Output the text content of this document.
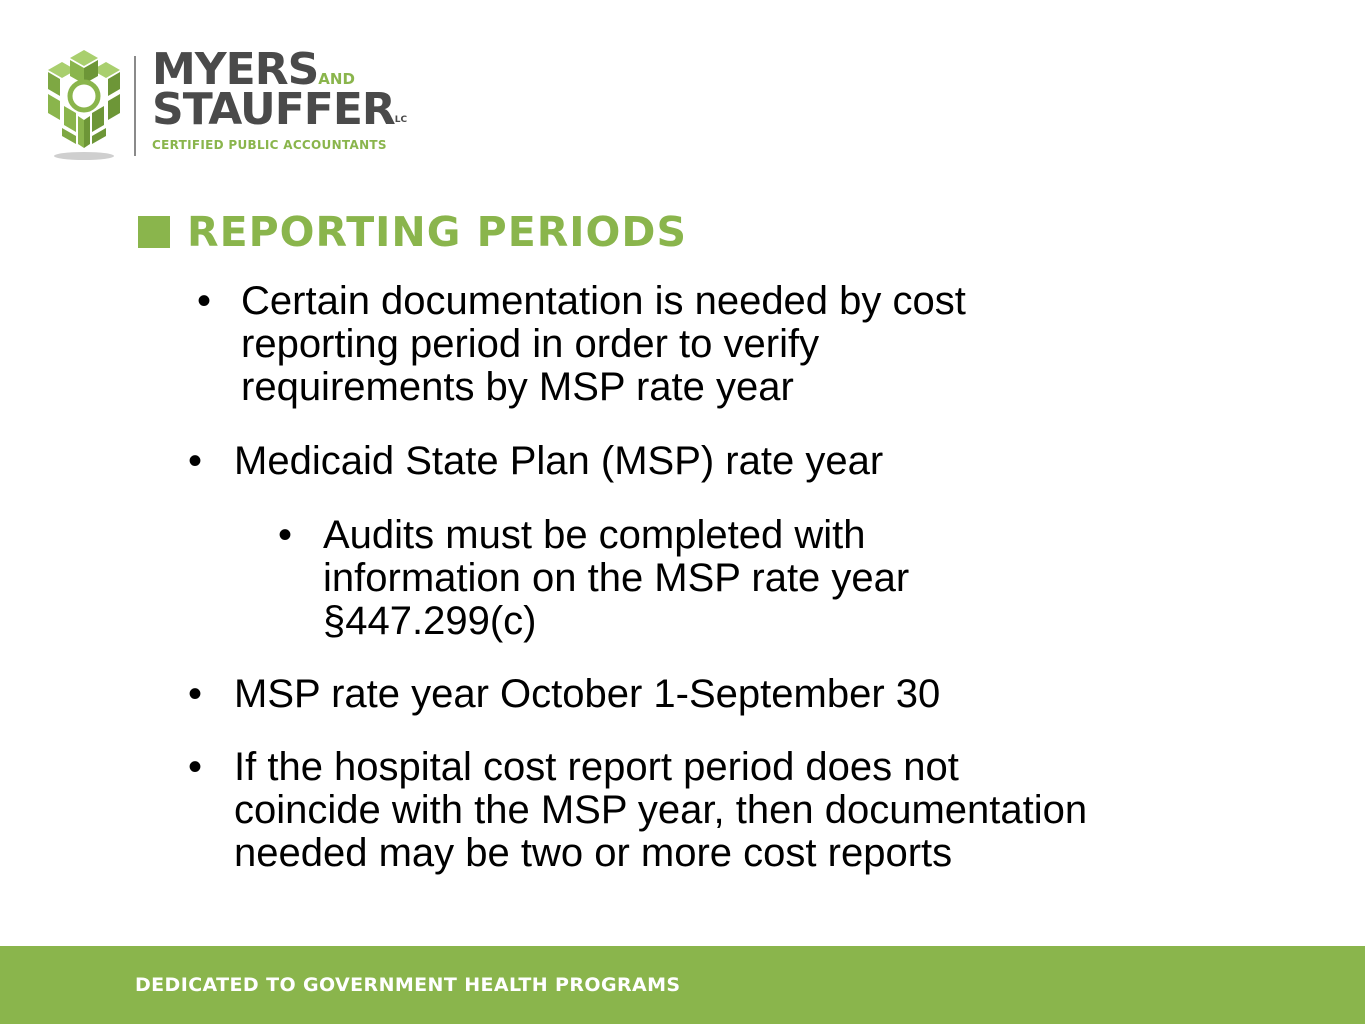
MYERSAND
STAUFFERLC
CERTIFIED PUBLIC ACCOUNTANTS
REPORTING PERIODS
• Certain documentation is needed by cost reporting period in order to verify requirements by MSP rate year
• Medicaid State Plan (MSP) rate year
• Audits must be completed with information on the MSP rate year §447.299(c)
• MSP rate year October 1-September 30
• If the hospital cost report period does not coincide with the MSP year, then documentation needed may be two or more cost reports
DEDICATED TO GOVERNMENT HEALTH PROGRAMS
